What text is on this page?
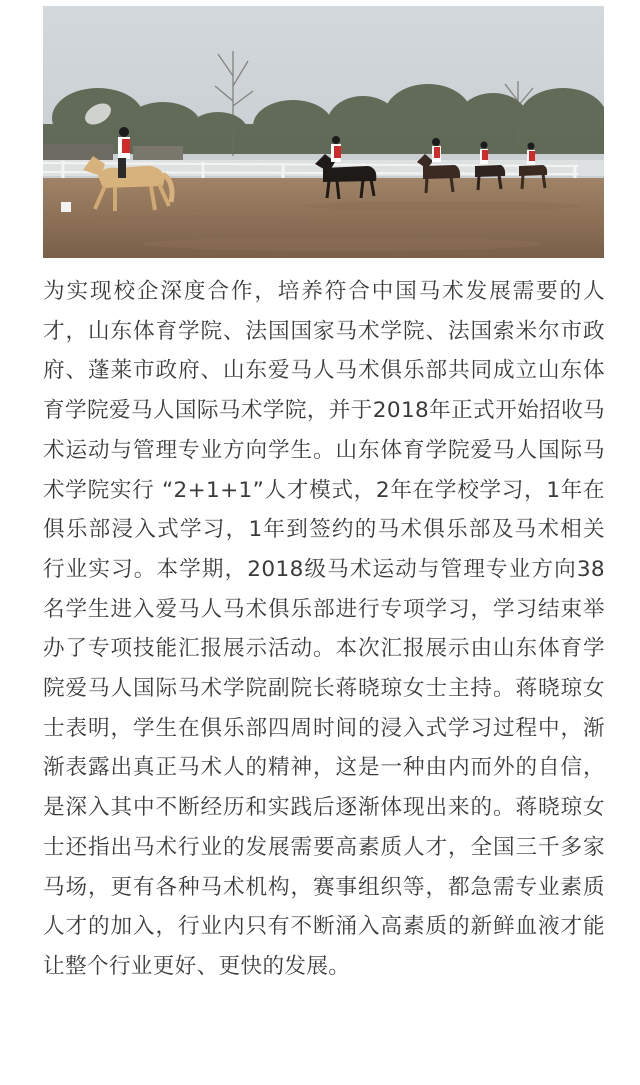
为实现校企深度合作，培养符合中国马术发展需要的人才，山东体育学院、法国国家马术学院、法国索米尔市政府、蓬莱市政府、山东爱马人马术俱乐部共同成立山东体育学院爱马人国际马术学院，并于2018年正式开始招收马术运动与管理专业方向学生。山东体育学院爱马人国际马术学院实行 “2+1+1”人才模式，2年在学校学习，1年在俱乐部浸入式学习，1年到签约的马术俱乐部及马术相关行业实习。本学期，2018级马术运动与管理专业方向38名学生进入爱马人马术俱乐部进行专项学习，学习结束举办了专项技能汇报展示活动。本次汇报展示由山东体育学院爱马人国际马术学院副院长蒋晓琼女士主持。蒋晓琼女士表明，学生在俱乐部四周时间的浸入式学习过程中，渐渐表露出真正马术人的精神，这是一种由内而外的自信，是深入其中不断经历和实践后逐渐体现出来的。蒋晓琼女士还指出马术行业的发展需要高素质人才，全国三千多家马场，更有各种马术机构，赛事组织等，都急需专业素质人才的加入，行业内只有不断涌入高素质的新鲜血液才能让整个行业更好、更快的发展。
